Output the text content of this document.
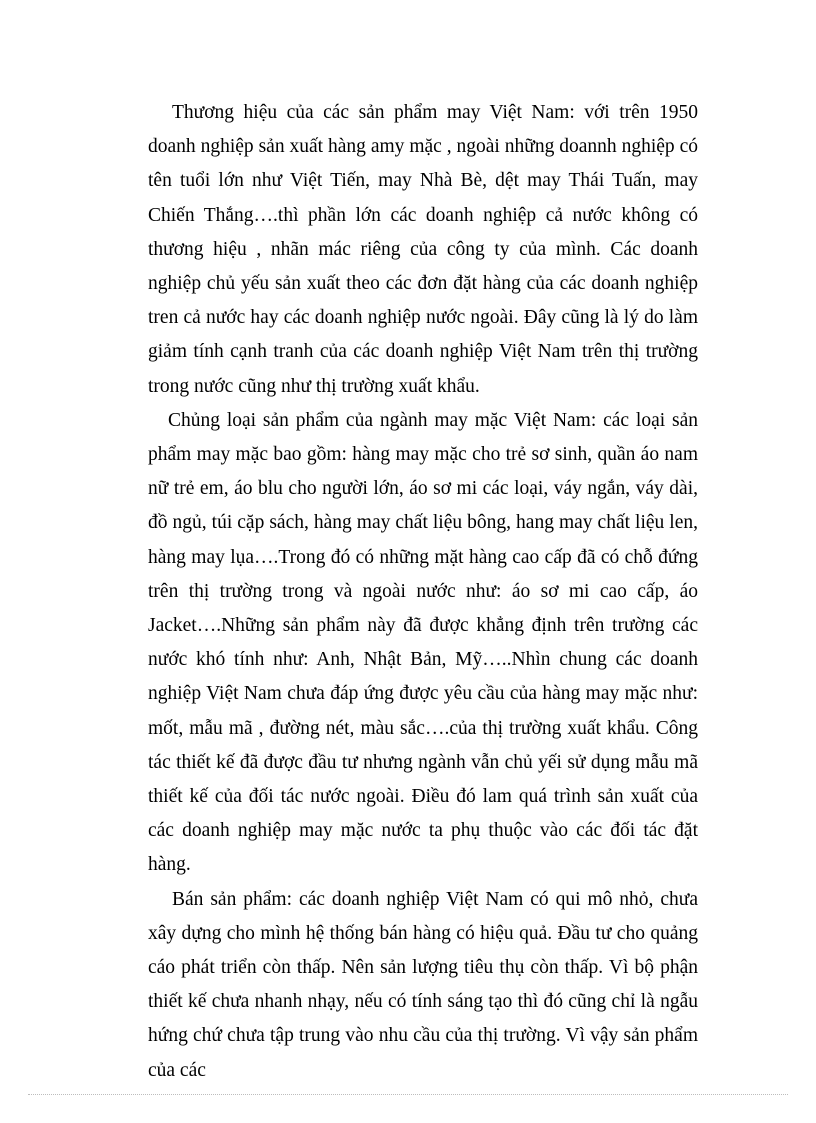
Thương hiệu của các sản phẩm may Việt Nam: với trên 1950 doanh nghiệp sản xuất hàng amy mặc , ngoài những doannh nghiệp có tên tuổi lớn như Việt Tiến, may Nhà Bè, dệt may Thái Tuấn, may Chiến Thắng….thì phần lớn các doanh nghiệp cả nước không có thương hiệu , nhãn mác riêng của công ty của mình. Các doanh nghiệp chủ yếu sản xuất theo các đơn đặt hàng của các doanh nghiệp tren cả nước hay các doanh nghiệp nước ngoài. Đây cũng là lý do làm giảm tính cạnh tranh của các doanh nghiệp Việt Nam trên thị trường trong nước cũng như thị trường xuất khẩu.

Chủng loại sản phẩm của ngành may mặc Việt Nam: các loại sản phẩm may mặc bao gồm: hàng may mặc cho trẻ sơ sinh, quần áo nam nữ trẻ em, áo blu cho người lớn, áo sơ mi các loại, váy ngắn, váy dài, đồ ngủ, túi cặp sách, hàng may chất liệu bông, hang may chất liệu len, hàng may lụa….Trong đó có những mặt hàng cao cấp đã có chỗ đứng trên thị trường trong và ngoài nước như: áo sơ mi cao cấp, áo Jacket….Những sản phẩm này đã được khẳng định trên trường các nước khó tính như: Anh, Nhật Bản, Mỹ…..Nhìn chung các doanh nghiệp Việt Nam chưa đáp ứng được yêu cầu của hàng may mặc như: mốt, mẫu mã , đường nét, màu sắc….của thị trường xuất khẩu. Công tác thiết kế đã được đầu tư nhưng ngành vẫn chủ yếi sử dụng mẫu mã thiết kế của đối tác nước ngoài. Điều đó lam quá trình sản xuất của các doanh nghiệp may mặc nước ta phụ thuộc vào các đối tác đặt hàng.

Bán sản phẩm: các doanh nghiệp Việt Nam có qui mô nhỏ, chưa xây dựng cho mình hệ thống bán hàng có hiệu quả. Đầu tư cho quảng cáo phát triển còn thấp. Nên sản lượng tiêu thụ còn thấp. Vì bộ phận thiết kế chưa nhanh nhạy, nếu có tính sáng tạo thì đó cũng chỉ là ngẫu hứng chứ chưa tập trung vào nhu cầu của thị trường. Vì vậy sản phẩm của các
